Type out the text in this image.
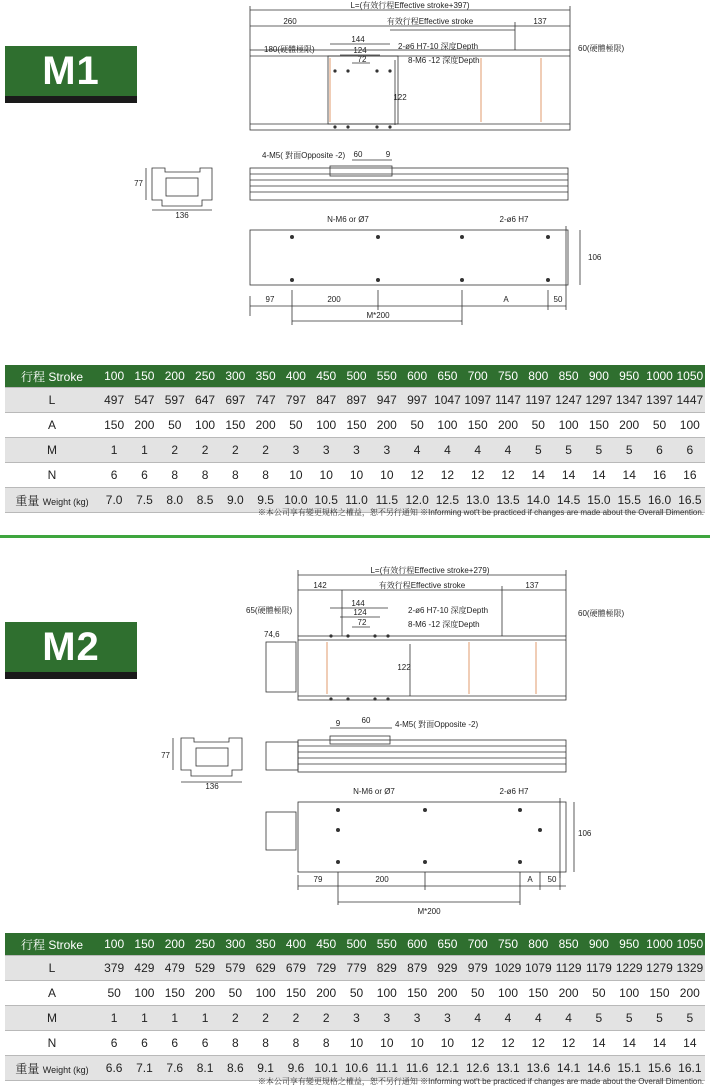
M1
L=(有效行程Effective stroke+397)
260	有效行程Effective stroke	137
180(硬體極限)
144
124
72
2-ø6 H7-10 深度Depth
8-M6 -12 深度Depth
60(硬體極限)
122
4-M5( 對面Opposite -2) 60	9
77
136	N-M6 or Ø7	2-ø6 H7
106
97	200	A	50
M*200
行程 Stroke	100	150	200	250	300	350	400	450	500	550	600	650	700	750	800	850	900	950	1000	1050
L	497	547	597	647	697	747	797	847	897	947	997	1047	1097	1147	1197	1247	1297	1347	1397	1447
A	150	200	50	100	150	200	50	100	150	200	50	100	150	200	50	100	150	200	50	100
M	1	1	2	2	2	2	3	3	3	3	4	4	4	4	5	5	5	5	6	6
N	6	6	8	8	8	8	10	10	10	10	12	12	12	12	14	14	14	14	16	16
重量 Weight (kg)	7.0	7.5	8.0	8.5	9.0	9.5	10.0	10.5	11.0	11.5	12.0	12.5	13.0	13.5	14.0	14.5	15.0	15.5	16.0	16.5
※本公司享有變更規格之權益，恕不另行通知 ※Informing wot't be practiced if changes are made about the Overall Dimention.
M2
L=(有效行程Effective stroke+279)
142	有效行程Effective stroke	137
65(硬體極限)
144
124
72
2-ø6 H7-10 深度Depth
8-M6 -12 深度Depth
60(硬體極限)
74,6
122
9	60	4-M5( 對面Opposite -2)
77
136
N-M6 or Ø7	2-ø6 H7
106
79	200	A 50
M*200
行程 Stroke	100	150	200	250	300	350	400	450	500	550	600	650	700	750	800	850	900	950	1000	1050
L	379	429	479	529	579	629	679	729	779	829	879	929	979	1029	1079	1129	1179	1229	1279	1329
A	50	100	150	200	50	100	150	200	50	100	150	200	50	100	150	200	50	100	150	200
M	1	1	1	1	2	2	2	2	3	3	3	3	4	4	4	4	5	5	5	5
N	6	6	6	6	8	8	8	8	10	10	10	10	12	12	12	12	14	14	14	14
重量 Weight (kg)	6.6	7.1	7.6	8.1	8.6	9.1	9.6	10.1	10.6	11.1	11.6	12.1	12.6	13.1	13.6	14.1	14.6	15.1	15.6	16.1
※本公司享有變更規格之權益，恕不另行通知 ※Informing wot't be practiced if changes are made about the Overall Dimention.
